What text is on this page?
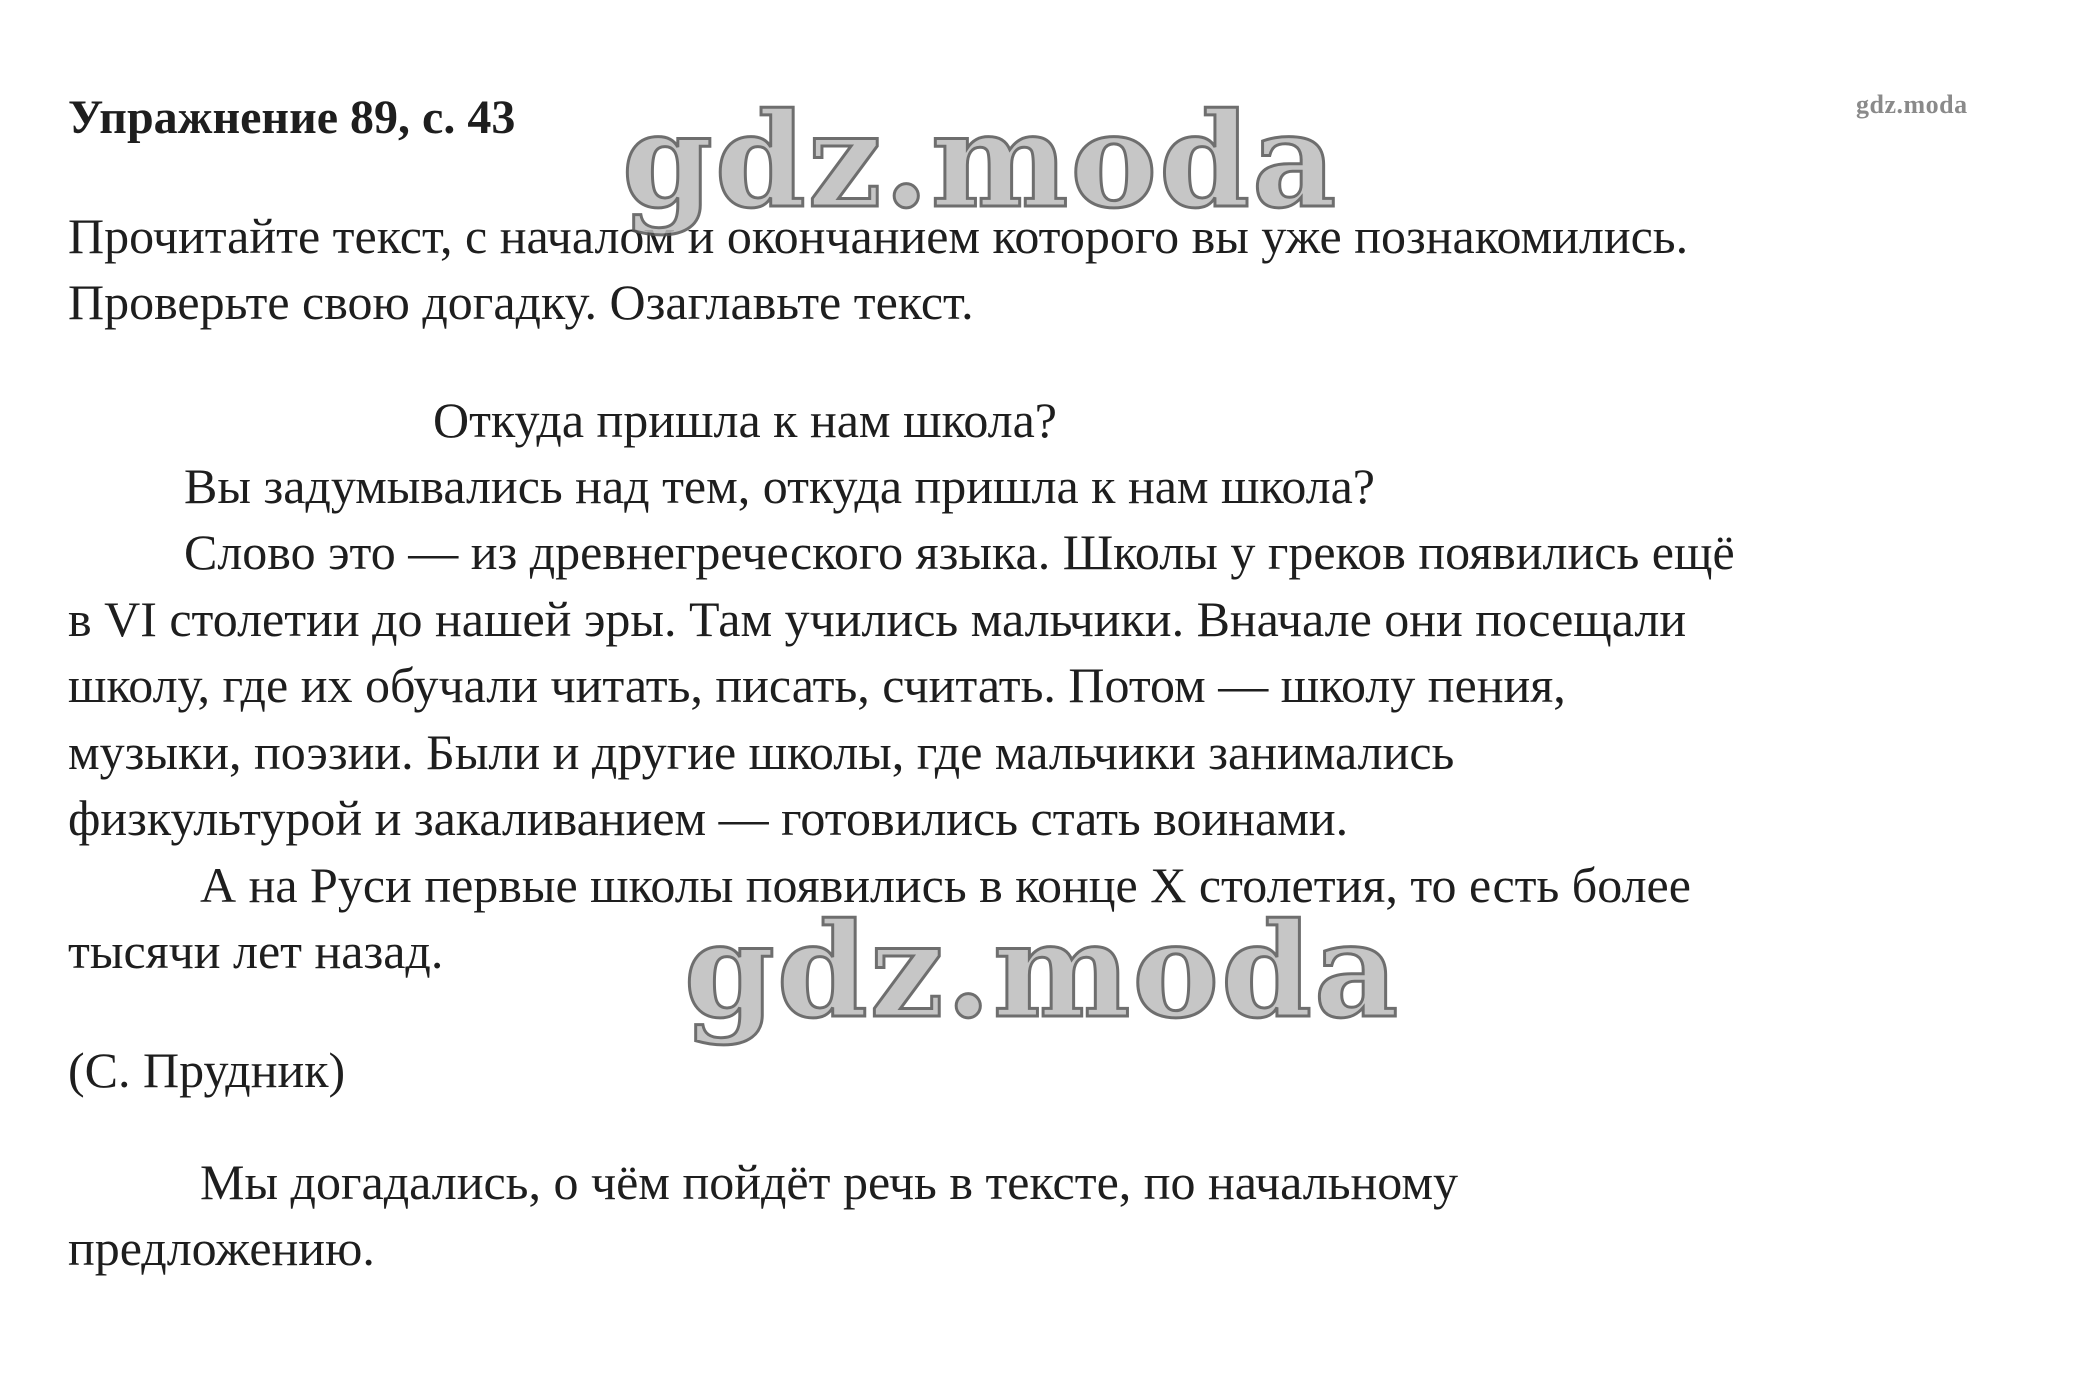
Упражнение 89, с. 43	gdz.moda
Прочитайте текст, с началом и окончанием которого вы уже познакомились.
Проверьте свою догадку. Озаглавьте текст.
Откуда пришла к нам школа?
Вы задумывались над тем, откуда пришла к нам школа?
Слово это — из древнегреческого языка. Школы у греков появились ещё
в VI столетии до нашей эры. Там учились мальчики. Вначале они посещали
школу, где их обучали читать, писать, считать. Потом — школу пения,
музыки, поэзии. Были и другие школы, где мальчики занимались
физкультурой и закаливанием — готовились стать воинами.
А на Руси первые школы появились в конце X столетия, то есть более
тысячи лет назад.
(С. Прудник)
Мы догадались, о чём пойдёт речь в тексте, по начальному
предложению.
gdz.moda
gdz.moda
